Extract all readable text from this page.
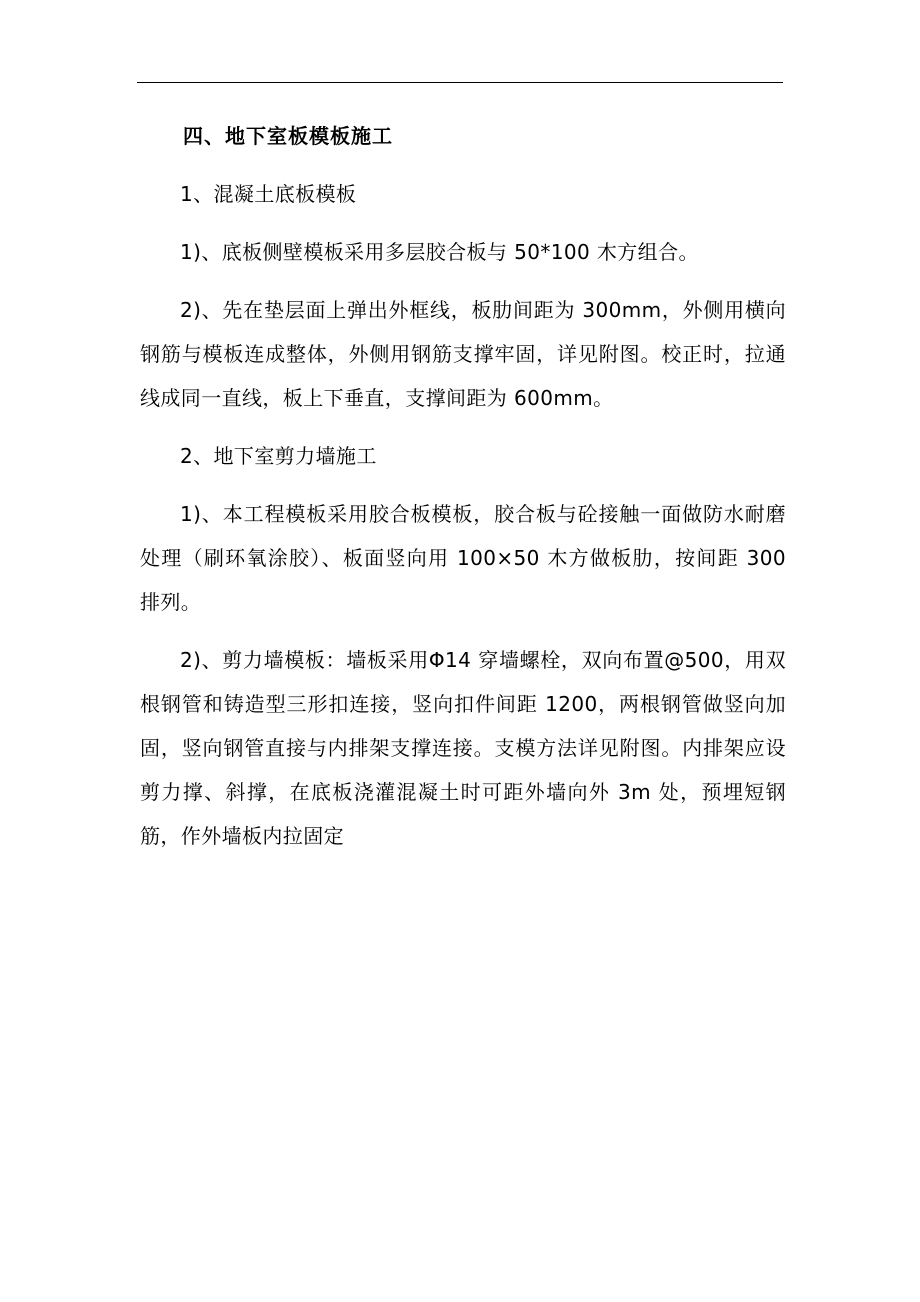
四、地下室板模板施工

1、混凝土底板模板

1)、底板侧壁模板采用多层胶合板与 50*100 木方组合。

2)、先在垫层面上弹出外框线，板肋间距为 300mm，外侧用横向钢筋与模板连成整体，外侧用钢筋支撑牢固，详见附图。校正时，拉通线成同一直线，板上下垂直，支撑间距为 600mm。

2、地下室剪力墙施工

1)、本工程模板采用胶合板模板，胶合板与砼接触一面做防水耐磨处理（刷环氧涂胶）、板面竖向用 100×50 木方做板肋，按间距 300 排列。

2)、剪力墙模板：墙板采用Φ14 穿墙螺栓，双向布置@500，用双根钢管和铸造型三形扣连接，竖向扣件间距 1200，两根钢管做竖向加固，竖向钢管直接与内排架支撑连接。支模方法详见附图。内排架应设剪力撑、斜撑，在底板浇灌混凝土时可距外墙向外 3m 处，预埋短钢筋，作外墙板内拉固定
